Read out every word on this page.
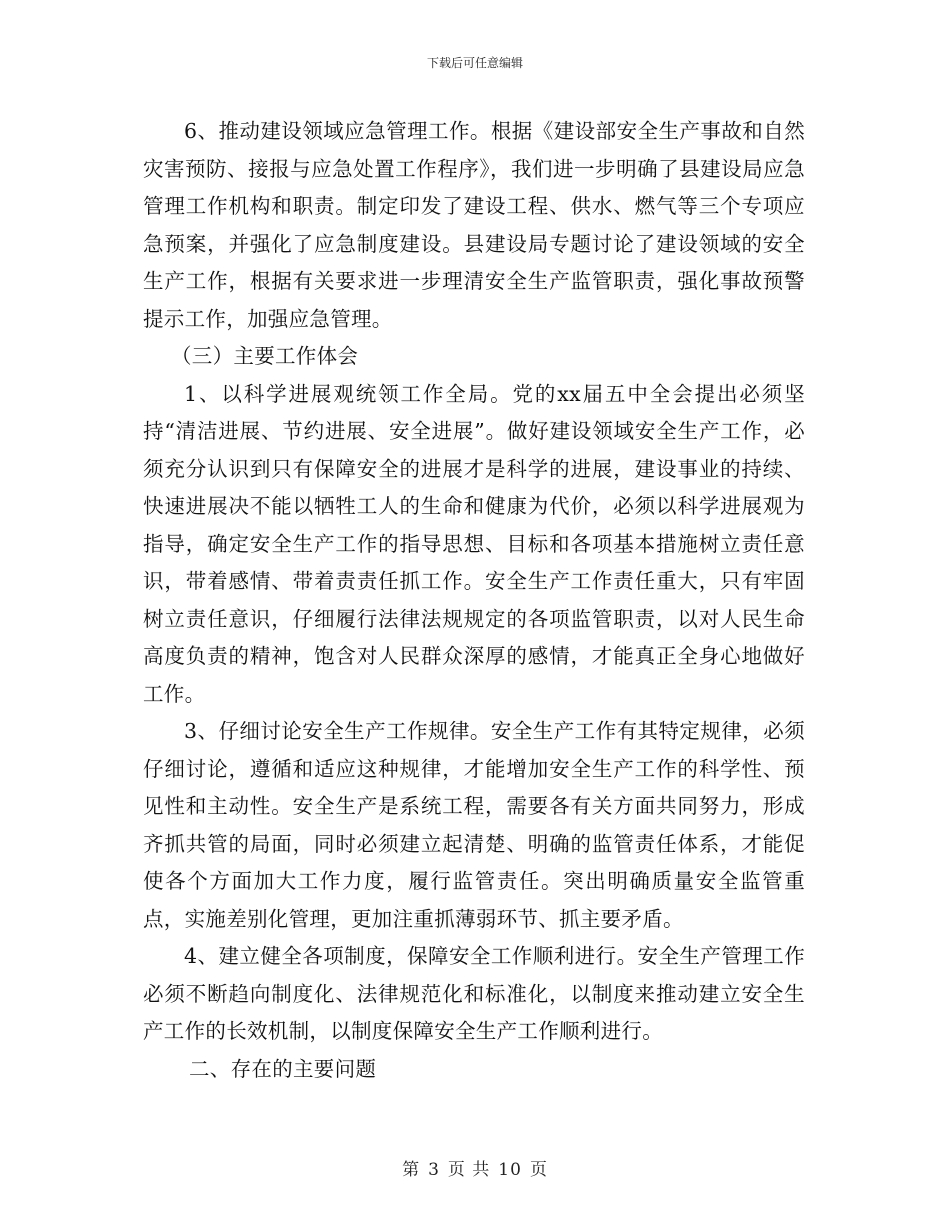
下载后可任意编辑

6、推动建设领域应急管理工作。根据《建设部安全生产事故和自然灾害预防、接报与应急处置工作程序》，我们进一步明确了县建设局应急管理工作机构和职责。制定印发了建设工程、供水、燃气等三个专项应急预案，并强化了应急制度建设。县建设局专题讨论了建设领域的安全生产工作，根据有关要求进一步理清安全生产监管职责，强化事故预警提示工作，加强应急管理。

（三）主要工作体会

1、以科学进展观统领工作全局。党的xx届五中全会提出必须坚持“清洁进展、节约进展、安全进展”。做好建设领域安全生产工作，必须充分认识到只有保障安全的进展才是科学的进展，建设事业的持续、快速进展决不能以牺牲工人的生命和健康为代价，必须以科学进展观为指导，确定安全生产工作的指导思想、目标和各项基本措施树立责任意识，带着感情、带着责责任抓工作。安全生产工作责任重大，只有牢固树立责任意识，仔细履行法律法规规定的各项监管职责，以对人民生命高度负责的精神，饱含对人民群众深厚的感情，才能真正全身心地做好工作。

3、仔细讨论安全生产工作规律。安全生产工作有其特定规律，必须仔细讨论，遵循和适应这种规律，才能增加安全生产工作的科学性、预见性和主动性。安全生产是系统工程，需要各有关方面共同努力，形成齐抓共管的局面，同时必须建立起清楚、明确的监管责任体系，才能促使各个方面加大工作力度，履行监管责任。突出明确质量安全监管重点，实施差别化管理，更加注重抓薄弱环节、抓主要矛盾。

4、建立健全各项制度，保障安全工作顺利进行。安全生产管理工作必须不断趋向制度化、法律规范化和标准化，以制度来推动建立安全生产工作的长效机制，以制度保障安全生产工作顺利进行。

二、存在的主要问题

第 3 页 共 10 页
